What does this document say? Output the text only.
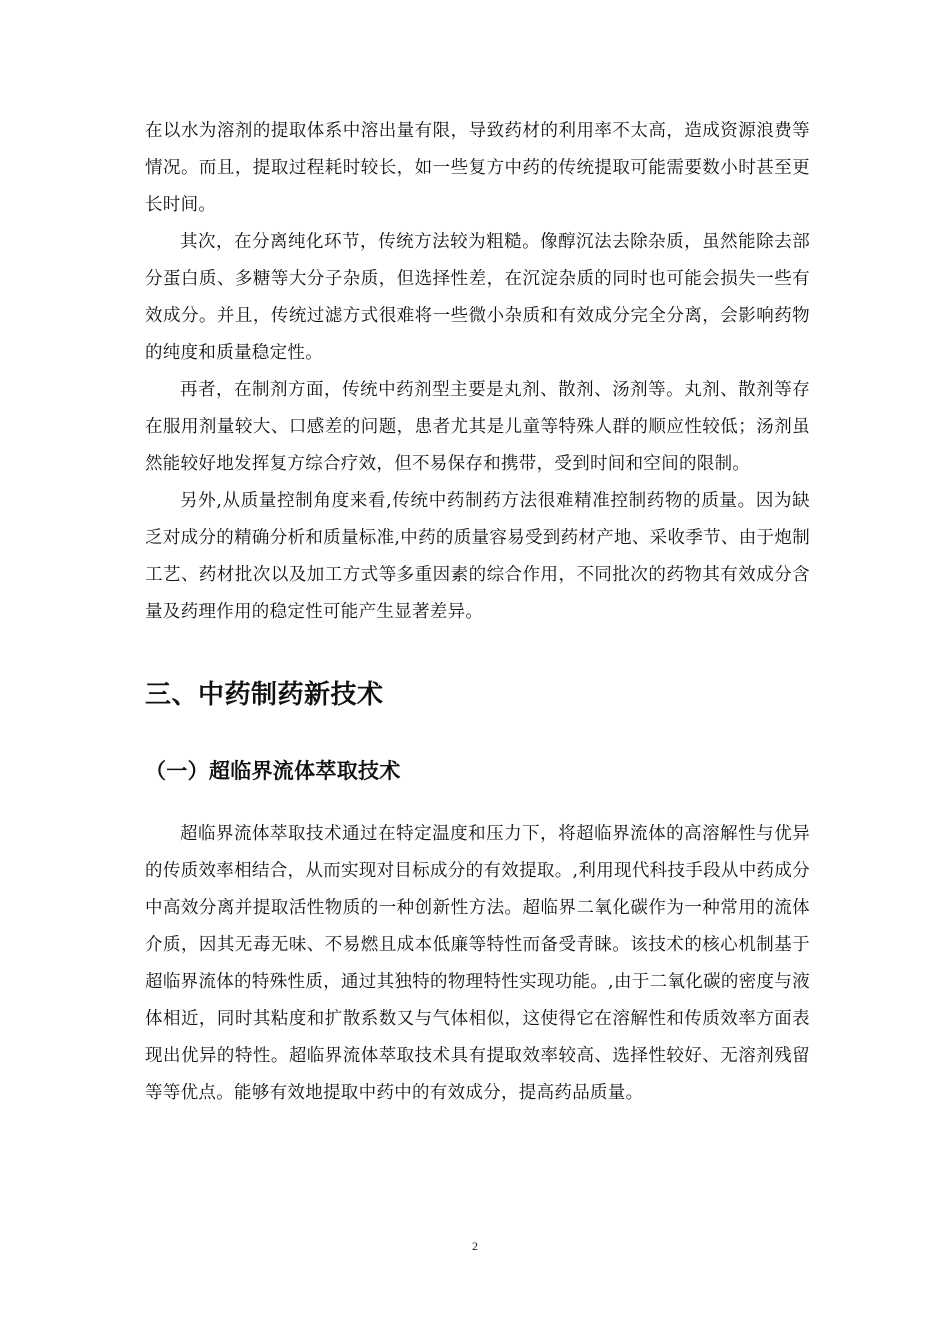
在以水为溶剂的提取体系中溶出量有限，导致药材的利用率不太高，造成资源浪费等情况。而且，提取过程耗时较长，如一些复方中药的传统提取可能需要数小时甚至更长时间。

其次，在分离纯化环节，传统方法较为粗糙。像醇沉法去除杂质，虽然能除去部分蛋白质、多糖等大分子杂质，但选择性差，在沉淀杂质的同时也可能会损失一些有效成分。并且，传统过滤方式很难将一些微小杂质和有效成分完全分离，会影响药物的纯度和质量稳定性。

再者，在制剂方面，传统中药剂型主要是丸剂、散剂、汤剂等。丸剂、散剂等存在服用剂量较大、口感差的问题，患者尤其是儿童等特殊人群的顺应性较低；汤剂虽然能较好地发挥复方综合疗效，但不易保存和携带，受到时间和空间的限制。

另外,从质量控制角度来看,传统中药制药方法很难精准控制药物的质量。因为缺乏对成分的精确分析和质量标准,中药的质量容易受到药材产地、采收季节、由于炮制工艺、药材批次以及加工方式等多重因素的综合作用，不同批次的药物其有效成分含量及药理作用的稳定性可能产生显著差异。

三、中药制药新技术
（一）超临界流体萃取技术

超临界流体萃取技术通过在特定温度和压力下，将超临界流体的高溶解性与优异的传质效率相结合，从而实现对目标成分的有效提取。,利用现代科技手段从中药成分中高效分离并提取活性物质的一种创新性方法。超临界二氧化碳作为一种常用的流体介质，因其无毒无味、不易燃且成本低廉等特性而备受青睐。该技术的核心机制基于超临界流体的特殊性质，通过其独特的物理特性实现功能。,由于二氧化碳的密度与液体相近，同时其粘度和扩散系数又与气体相似，这使得它在溶解性和传质效率方面表现出优异的特性。超临界流体萃取技术具有提取效率较高、选择性较好、无溶剂残留等等优点。能够有效地提取中药中的有效成分，提高药品质量。

2
